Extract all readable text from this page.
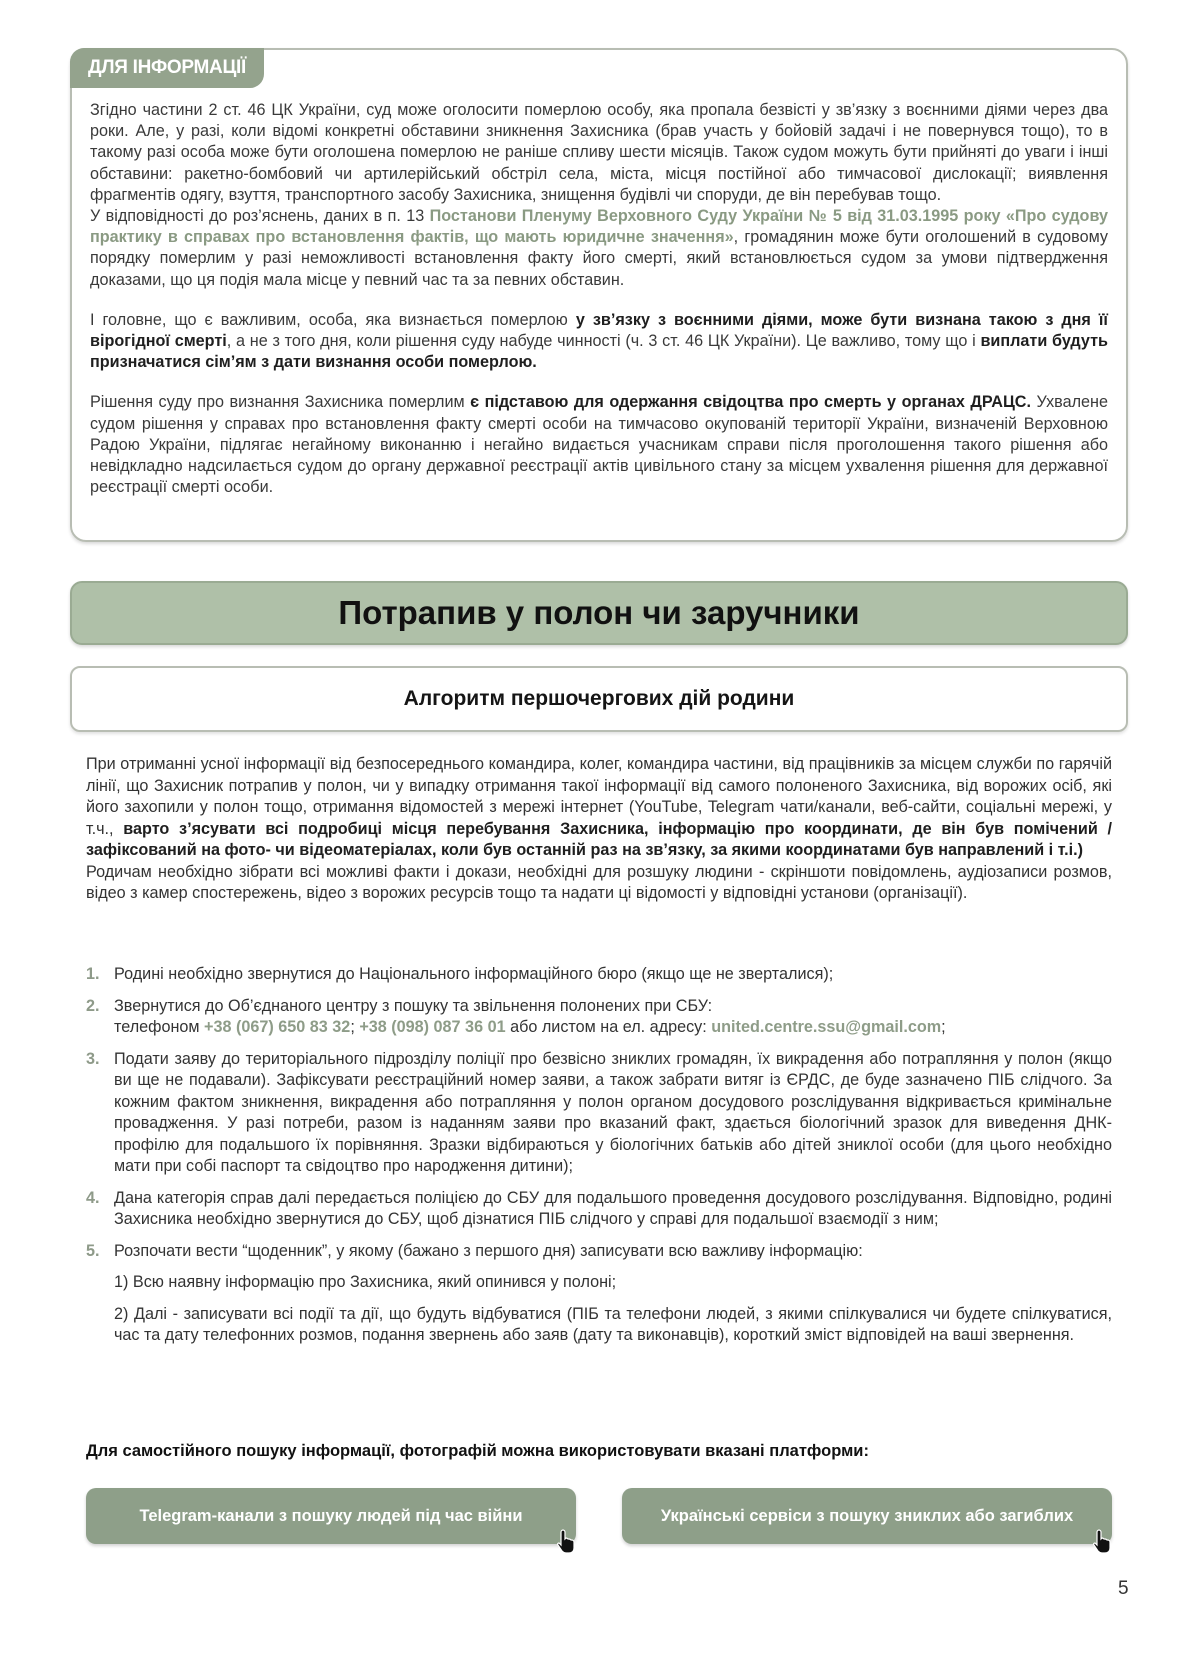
ДЛЯ ІНФОРМАЦІЇ

Згідно частини 2 ст. 46 ЦК України, суд може оголосити померлою особу, яка пропала безвісті у зв’язку з воєнними діями через два роки. Але, у разі, коли відомі конкретні обставини зникнення Захисника (брав участь у бойовій задачі і не повернувся тощо), то в такому разі особа може бути оголошена померлою не раніше спливу шести місяців. Також судом можуть бути прийняті до уваги і інші обставини: ракетно-бомбовий чи артилерійський обстріл села, міста, місця постійної або тимчасової дислокації; виявлення фрагментів одягу, взуття, транспортного засобу Захисника, знищення будівлі чи споруди, де він перебував тощо.

У відповідності до роз’яснень, даних в п. 13 Постанови Пленуму Верховного Суду України № 5 від 31.03.1995 року «Про судову практику в справах про встановлення фактів, що мають юридичне значення», громадянин може бути оголошений в судовому порядку померлим у разі неможливості встановлення факту його смерті, який встановлюється судом за умови підтвердження доказами, що ця подія мала місце у певний час та за певних обставин.

І головне, що є важливим, особа, яка визнається померлою у зв’язку з воєнними діями, може бути визнана такою з дня її вірогідної смерті, а не з того дня, коли рішення суду набуде чинності (ч. 3 ст. 46 ЦК України). Це важливо, тому що і виплати будуть призначатися сім’ям з дати визнання особи померлою.

Рішення суду про визнання Захисника померлим є підставою для одержання свідоцтва про смерть у органах ДРАЦС. Ухвалене судом рішення у справах про встановлення факту смерті особи на тимчасово окупованій території України, визначеній Верховною Радою України, підлягає негайному виконанню і негайно видається учасникам справи після проголошення такого рішення або невідкладно надсилається судом до органу державної реєстрації актів цивільного стану за місцем ухвалення рішення для державної реєстрації смерті особи.

Потрапив у полон чи заручники
Алгоритм першочергових дій родини

При отриманні усної інформації від безпосереднього командира, колег, командира частини, від працівників за місцем служби по гарячій лінії, що Захисник потрапив у полон, чи у випадку отримання такої інформації від самого полоненого Захисника, від ворожих осіб, які його захопили у полон тощо, отримання відомостей з мережі інтернет (YouTube, Telegram чати/канали, веб-сайти, соціальні мережі, у т.ч., варто з’ясувати всі подробиці місця перебування Захисника, інформацію про координати, де він був помічений /зафіксований на фото- чи відеоматеріалах, коли був останній раз на зв’язку, за якими координатами був направлений і т.і.)

Родичам необхідно зібрати всі можливі факти і докази, необхідні для розшуку людини - скріншоти повідомлень, аудіозаписи розмов, відео з камер спостережень, відео з ворожих ресурсів тощо та надати ці відомості у відповідні установи (організації).

1. Родині необхідно звернутися до Національного інформаційного бюро (якщо ще не зверталися);
2. Звернутися до Об’єднаного центру з пошуку та звільнення полонених при СБУ:
телефоном +38 (067) 650 83 32; +38 (098) 087 36 01 або листом на ел. адресу: united.centre.ssu@gmail.com;
3. Подати заяву до територіального підрозділу поліції про безвісно зниклих громадян, їх викрадення або потрапляння у полон (якщо ви ще не подавали). Зафіксувати реєстраційний номер заяви, а також забрати витяг із ЄРДС, де буде зазначено ПІБ слідчого. За кожним фактом зникнення, викрадення або потрапляння у полон органом досудового розслідування відкривається кримінальне провадження. У разі потреби, разом із наданням заяви про вказаний факт, здається біологічний зразок для виведення ДНК-профілю для подальшого їх порівняння. Зразки відбираються у біологічних батьків або дітей зниклої особи (для цього необхідно мати при собі паспорт та свідоцтво про народження дитини);
4. Дана категорія справ далі передається поліцією до СБУ для подальшого проведення досудового розслідування. Відповідно, родині Захисника необхідно звернутися до СБУ, щоб дізнатися ПІБ слідчого у справі для подальшої взаємодії з ним;
5. Розпочати вести “щоденник”, у якому (бажано з першого дня) записувати всю важливу інформацію:
1) Всю наявну інформацію про Захисника, який опинився у полоні;
2) Далі - записувати всі події та дії, що будуть відбуватися (ПІБ та телефони людей, з якими спілкувалися чи будете спілкуватися, час та дату телефонних розмов, подання звернень або заяв (дату та виконавців), короткий зміст відповідей на ваші звернення.
Для самостійного пошуку інформації, фотографій можна використовувати вказані платформи:
Telegram-канали з пошуку людей під час війни	Українські сервіси з пошуку зниклих або загиблих
5
